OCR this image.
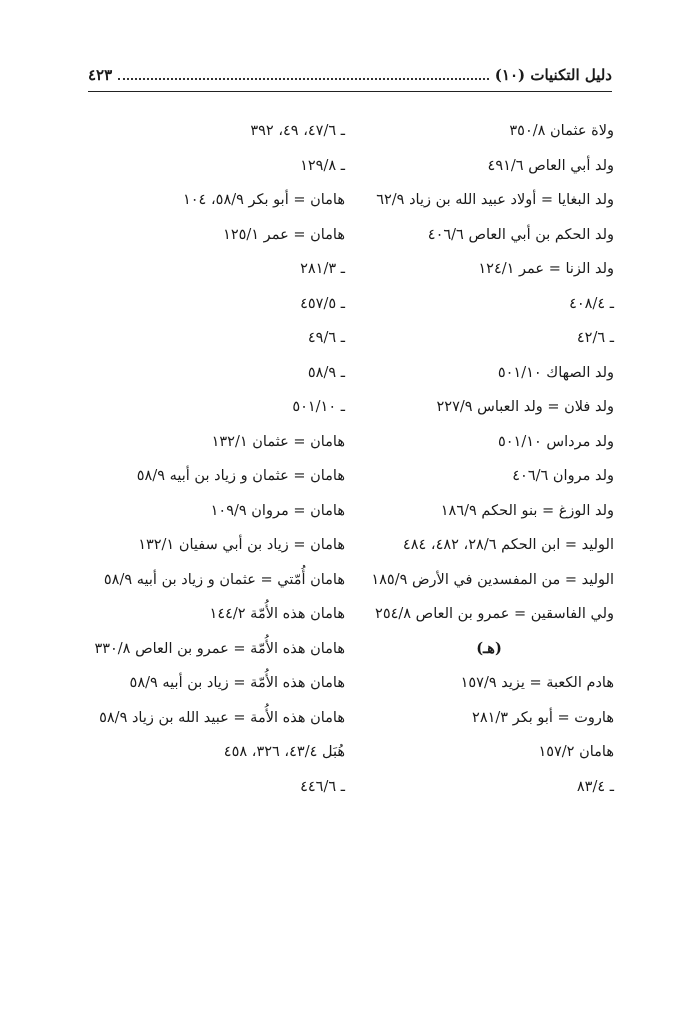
دليل التكنيات (١٠)
٤٢٣
ولاة عثمان ٣٥٠/٨
ولد أبي العاص ٤٩١/٦
ولد البغايا = أولاد عبيد الله بن زياد ٦٢/٩
ولد الحكم بن أبي العاص ٤٠٦/٦
ولد الزنا = عمر ١٢٤/١
ـ ٤٠٨/٤
ـ ٤٢/٦
ولد الصهاك ٥٠١/١٠
ولد فلان = ولد العباس ٢٢٧/٩
ولد مرداس ٥٠١/١٠
ولد مروان ٤٠٦/٦
ولد الوزغ = بنو الحكم ١٨٦/٩
الوليد = ابن الحكم ٢٨/٦، ٤٨٢، ٤٨٤
الوليد = من المفسدين في الأرض ١٨٥/٩
ولي الفاسقين = عمرو بن العاص ٢٥٤/٨
(هـ)
هادم الكعبة = يزيد ١٥٧/٩
هاروت = أبو بكر ٢٨١/٣
هامان ١٥٧/٢
ـ ٨٣/٤
ـ ٤٧/٦، ٤٩، ٣٩٢
ـ ١٢٩/٨
هامان = أبو بكر ٥٨/٩، ١٠٤
هامان = عمر ١٢٥/١
ـ ٢٨١/٣
ـ ٤٥٧/٥
ـ ٤٩/٦
ـ ٥٨/٩
ـ ٥٠١/١٠
هامان = عثمان ١٣٢/١
هامان = عثمان و زياد بن أبيه ٥٨/٩
هامان = مروان ١٠٩/٩
هامان = زياد بن أبي سفيان ١٣٢/١
هامان أُمّتي = عثمان و زياد بن أبيه ٥٨/٩
هامان هذه الأُمّة ١٤٤/٢
هامان هذه الأُمّة = عمرو بن العاص ٣٣٠/٨
هامان هذه الأُمّة = زياد بن أبيه ٥٨/٩
هامان هذه الأُمة = عبيد الله بن زياد ٥٨/٩
هُبَل ٤٣/٤، ٣٢٦، ٤٥٨
ـ ٤٤٦/٦
